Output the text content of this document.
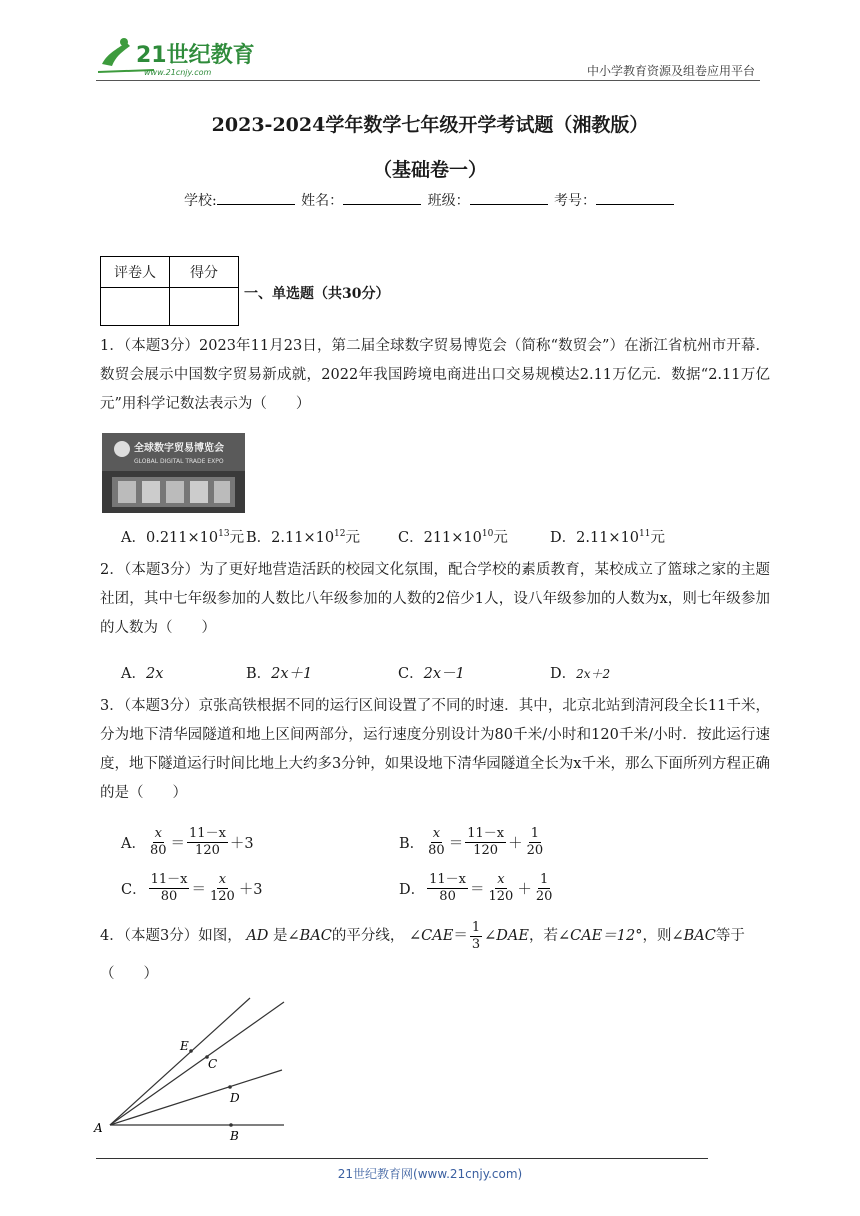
21世纪教育
www.21cnjy.com	中小学教育资源及组卷应用平台
2023-2024学年数学七年级开学考试题（湘教版）
（基础卷一）
学校:	姓名：	班级：	考号：
评卷人	得分

一、单选题（共30分）
1．（本题3分）2023年11月23日，第二届全球数字贸易博览会（简称“数贸会”）在浙江省杭州市开幕．数贸会展示中国数字贸易新成就，2022年我国跨境电商进出口交易规模达2.11万亿元．数据“2.11万亿元”用科学记数法表示为（　　）
全球数字贸易博览会
GLOBAL DIGITAL TRADE EXPO
A．$0.211\times 10^{13}$元 B．$2.11\times 10^{12}$元	C．$211\times 10^{10}$元	D．$2.11\times 10^{11}$元
2．（本题3分）为了更好地营造活跃的校园文化氛围，配合学校的素质教育，某校成立了篮球之家的主题社团，其中七年级参加的人数比八年级参加的人数的2倍少1人，设八年级参加的人数为x，则七年级参加的人数为（　　）
A．2x	B．2x＋1	C．2x－1	D．2x＋2
3．（本题3分）京张高铁根据不同的运行区间设置了不同的时速．其中，北京北站到清河段全长11千米，分为地下清华园隧道和地上区间两部分，运行速度分别设计为80千米/小时和120千米/小时．按此运行速度，地下隧道运行时间比地上大约多3分钟，如果设地下清华园隧道全长为x千米，那么下面所列方程正确的是（　　）
A． $\frac{x}{80} = \frac{11-x}{120} +3$	B． $\frac{x}{80} = \frac{11-x}{120} + \frac{1}{20}$
C． $\frac{11-x}{80} = \frac{x}{120} +3$	D． $\frac{11-x}{80} = \frac{x}{120} + \frac{1}{20}$
4．（本题3分）如图，
AD
是 ∠BAC 的平分线，
∠CAE ＝ $\frac{1}{3}$ ∠DAE ，若 ∠CAE＝12° ，则 ∠BAC 等于
（　　）
A
E
C
D
B
21世纪教育网(www.21cnjy.com)
